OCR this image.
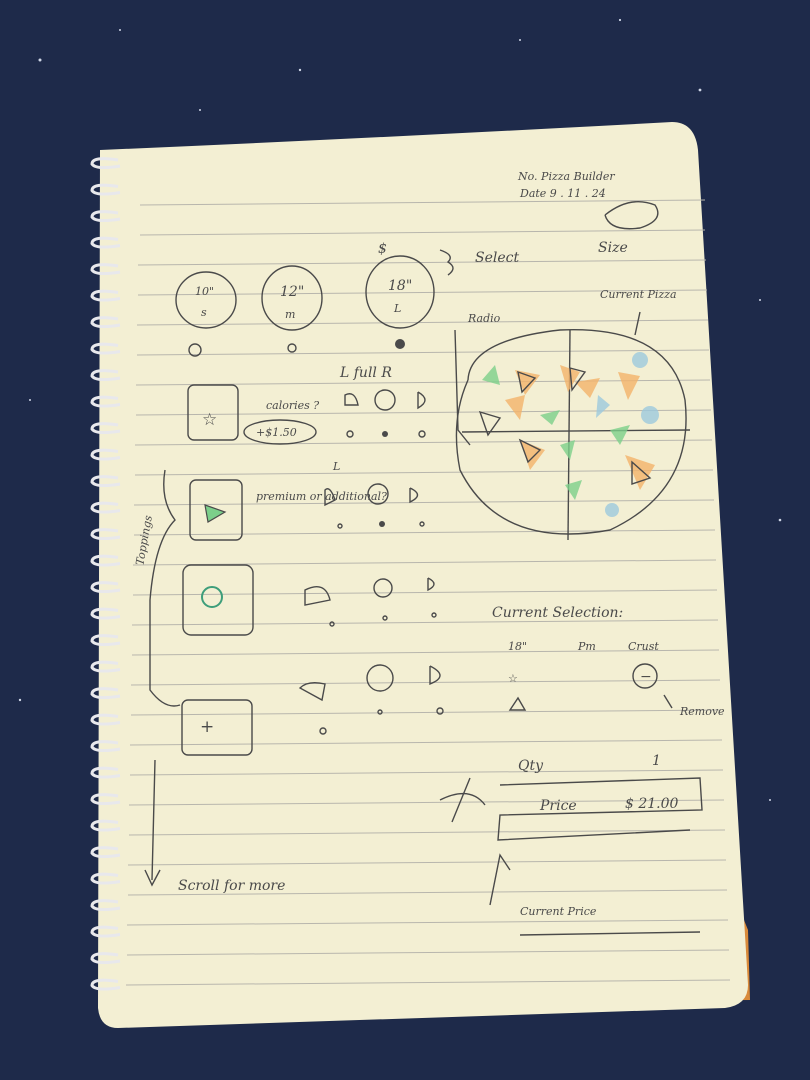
No. Pizza Builder
Date 9 . 11 . 24
$
Select
Size
10"
s
12"
m
18"
L
Radio
Current Pizza
L full R
calories ?
☆
+$1.50
L
premium or additional?
+
Toppings
Current Selection:
18"	Pm	Crust
☆	−
Remove
Qty	1
Price	$ 21.00
Current Price
Scroll for more
